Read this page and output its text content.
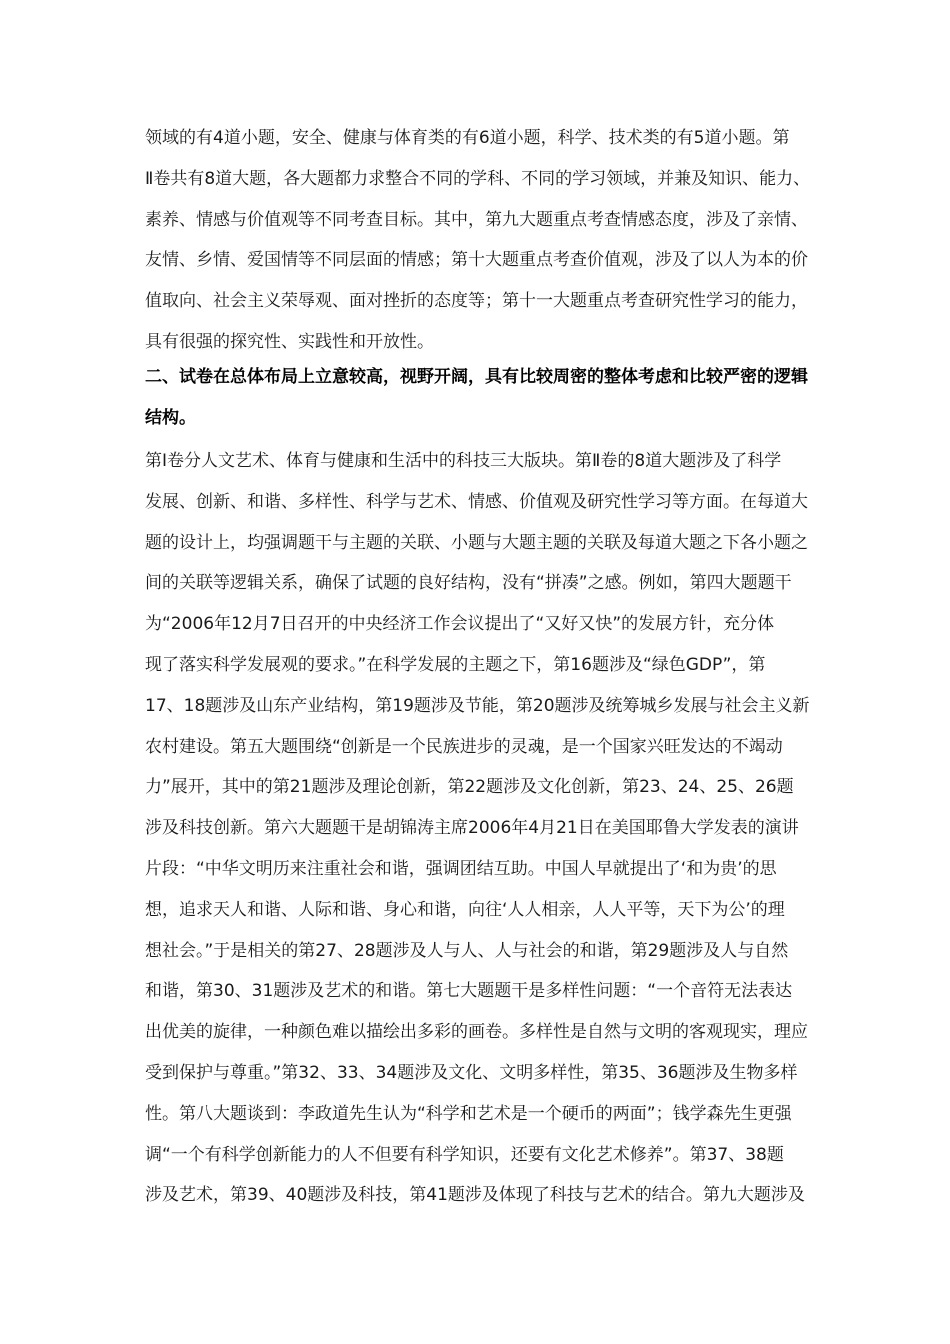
领域的有4道小题，安全、健康与体育类的有6道小题，科学、技术类的有5道小题。第
Ⅱ卷共有8道大题，各大题都力求整合不同的学科、不同的学习领域，并兼及知识、能力、
素养、情感与价值观等不同考查目标。其中，第九大题重点考查情感态度，涉及了亲情、
友情、乡情、爱国情等不同层面的情感；第十大题重点考查价值观，涉及了以人为本的价
值取向、社会主义荣辱观、面对挫折的态度等；第十一大题重点考查研究性学习的能力，
具有很强的探究性、实践性和开放性。
二、试卷在总体布局上立意较高，视野开阔，具有比较周密的整体考虑和比较严密的逻辑
结构。
第Ⅰ卷分人文艺术、体育与健康和生活中的科技三大版块。第Ⅱ卷的8道大题涉及了科学
发展、创新、和谐、多样性、科学与艺术、情感、价值观及研究性学习等方面。在每道大
题的设计上，均强调题干与主题的关联、小题与大题主题的关联及每道大题之下各小题之
间的关联等逻辑关系，确保了试题的良好结构，没有“拼凑”之感。例如，第四大题题干
为“2006年12月7日召开的中央经济工作会议提出了“又好又快”的发展方针，充分体
现了落实科学发展观的要求。”在科学发展的主题之下，第16题涉及“绿色GDP”，第
17、18题涉及山东产业结构，第19题涉及节能，第20题涉及统筹城乡发展与社会主义新
农村建设。第五大题围绕“创新是一个民族进步的灵魂，是一个国家兴旺发达的不竭动
力”展开，其中的第21题涉及理论创新，第22题涉及文化创新，第23、24、25、26题
涉及科技创新。第六大题题干是胡锦涛主席2006年4月21日在美国耶鲁大学发表的演讲
片段：“中华文明历来注重社会和谐，强调团结互助。中国人早就提出了‘和为贵’的思
想，追求天人和谐、人际和谐、身心和谐，向往‘人人相亲，人人平等，天下为公’的理
想社会。”于是相关的第27、28题涉及人与人、人与社会的和谐，第29题涉及人与自然
和谐，第30、31题涉及艺术的和谐。第七大题题干是多样性问题：“一个音符无法表达
出优美的旋律，一种颜色难以描绘出多彩的画卷。多样性是自然与文明的客观现实，理应
受到保护与尊重。”第32、33、34题涉及文化、文明多样性，第35、36题涉及生物多样
性。第八大题谈到：李政道先生认为“科学和艺术是一个硬币的两面”；钱学森先生更强
调“一个有科学创新能力的人不但要有科学知识，还要有文化艺术修养”。第37、38题
涉及艺术，第39、40题涉及科技，第41题涉及体现了科技与艺术的结合。第九大题涉及
